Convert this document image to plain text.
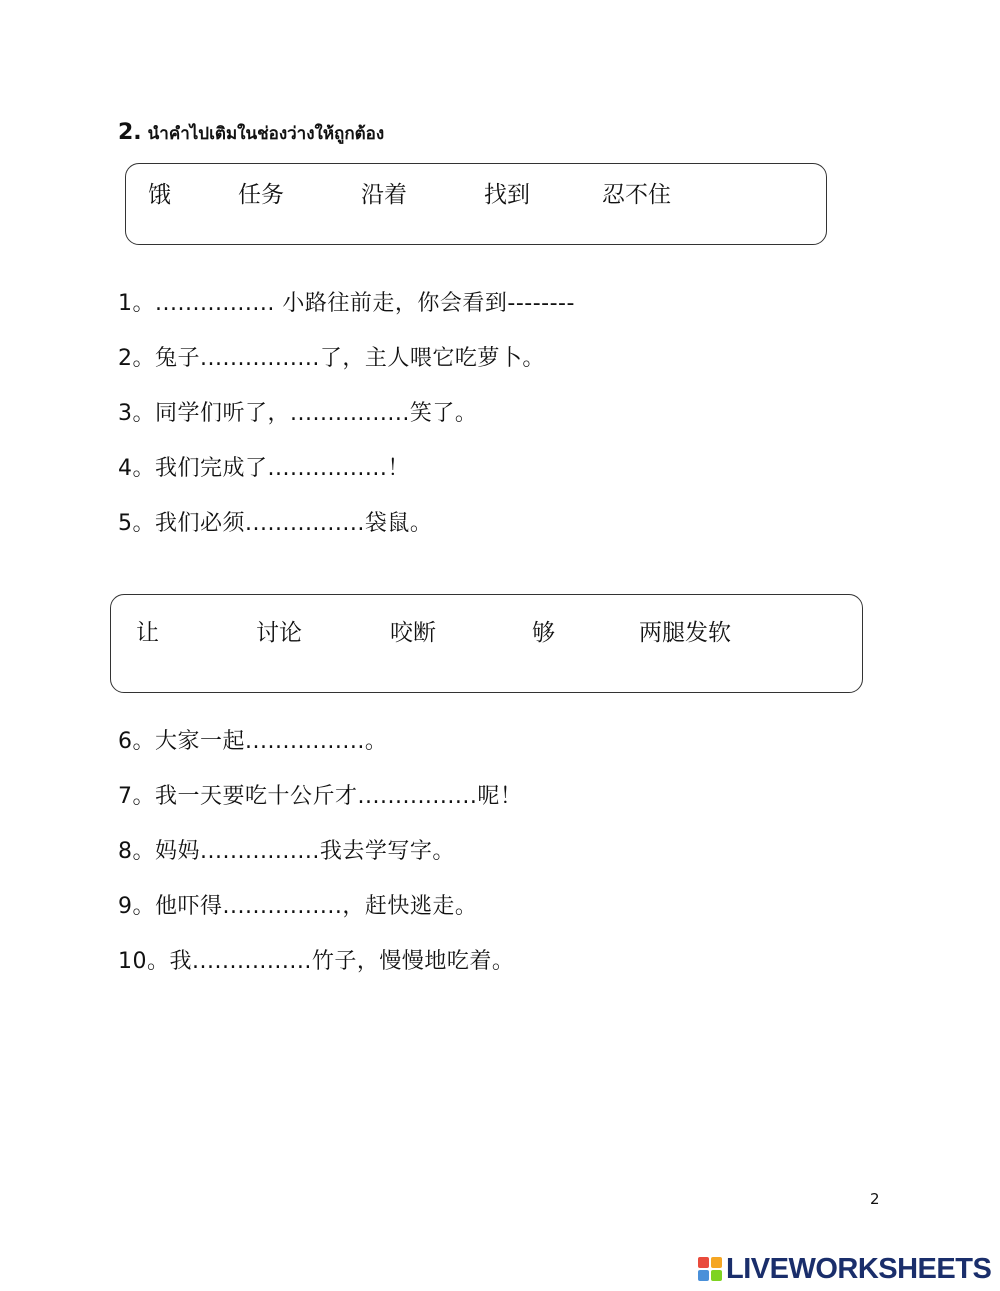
2. นำคำไปเติมในช่องว่างให้ถูกต้อง
饿	任务	沿着	找到	忍不住
1。................ 小路往前走，你会看到--------
2。兔子................了，主人喂它吃萝卜。
3。同学们听了，................笑了。
4。我们完成了................！
5。我们必须................袋鼠。
让	讨论	咬断	够	两腿发软
6。大家一起................。
7。我一天要吃十公斤才................呢！
8。妈妈................我去学写字。
9。他吓得................，赶快逃走。
10。我................竹子，慢慢地吃着。
2
LIVEWORKSHEETS
